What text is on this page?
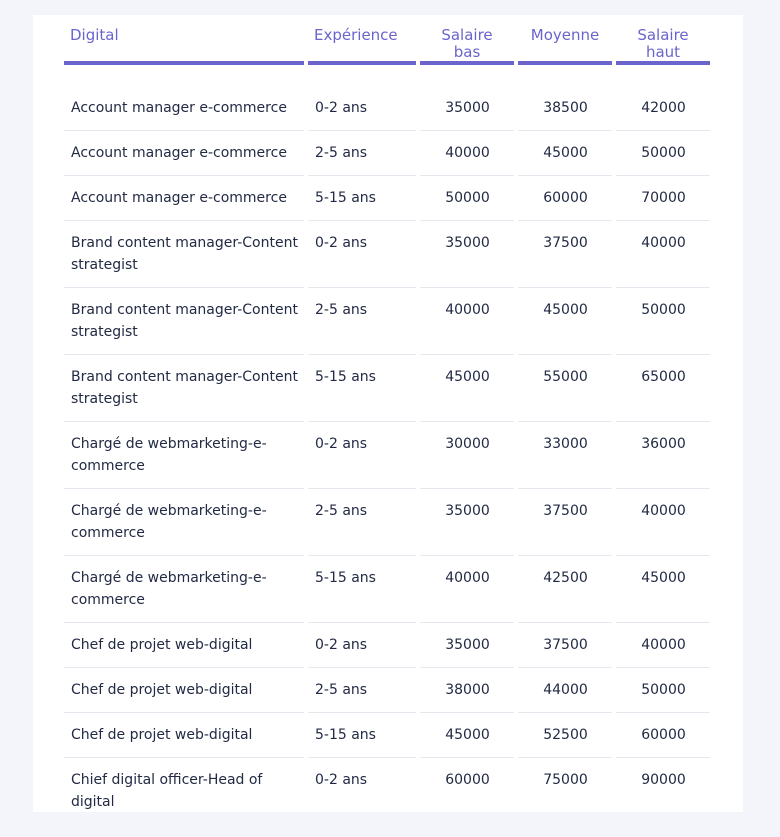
Digital	Expérience	Salaire bas	Moyenne	Salaire haut

Account manager e-commerce	0-2 ans	35000	38500	42000
Account manager e-commerce	2-5 ans	40000	45000	50000
Account manager e-commerce	5-15 ans	50000	60000	70000
Brand content manager-Content strategist	0-2 ans	35000	37500	40000
Brand content manager-Content strategist	2-5 ans	40000	45000	50000
Brand content manager-Content strategist	5-15 ans	45000	55000	65000
Chargé de webmarketing-e-commerce	0-2 ans	30000	33000	36000
Chargé de webmarketing-e-commerce	2-5 ans	35000	37500	40000
Chargé de webmarketing-e-commerce	5-15 ans	40000	42500	45000
Chef de projet web-digital	0-2 ans	35000	37500	40000
Chef de projet web-digital	2-5 ans	38000	44000	50000
Chef de projet web-digital	5-15 ans	45000	52500	60000
Chief digital officer-Head of digital	0-2 ans	60000	75000	90000
